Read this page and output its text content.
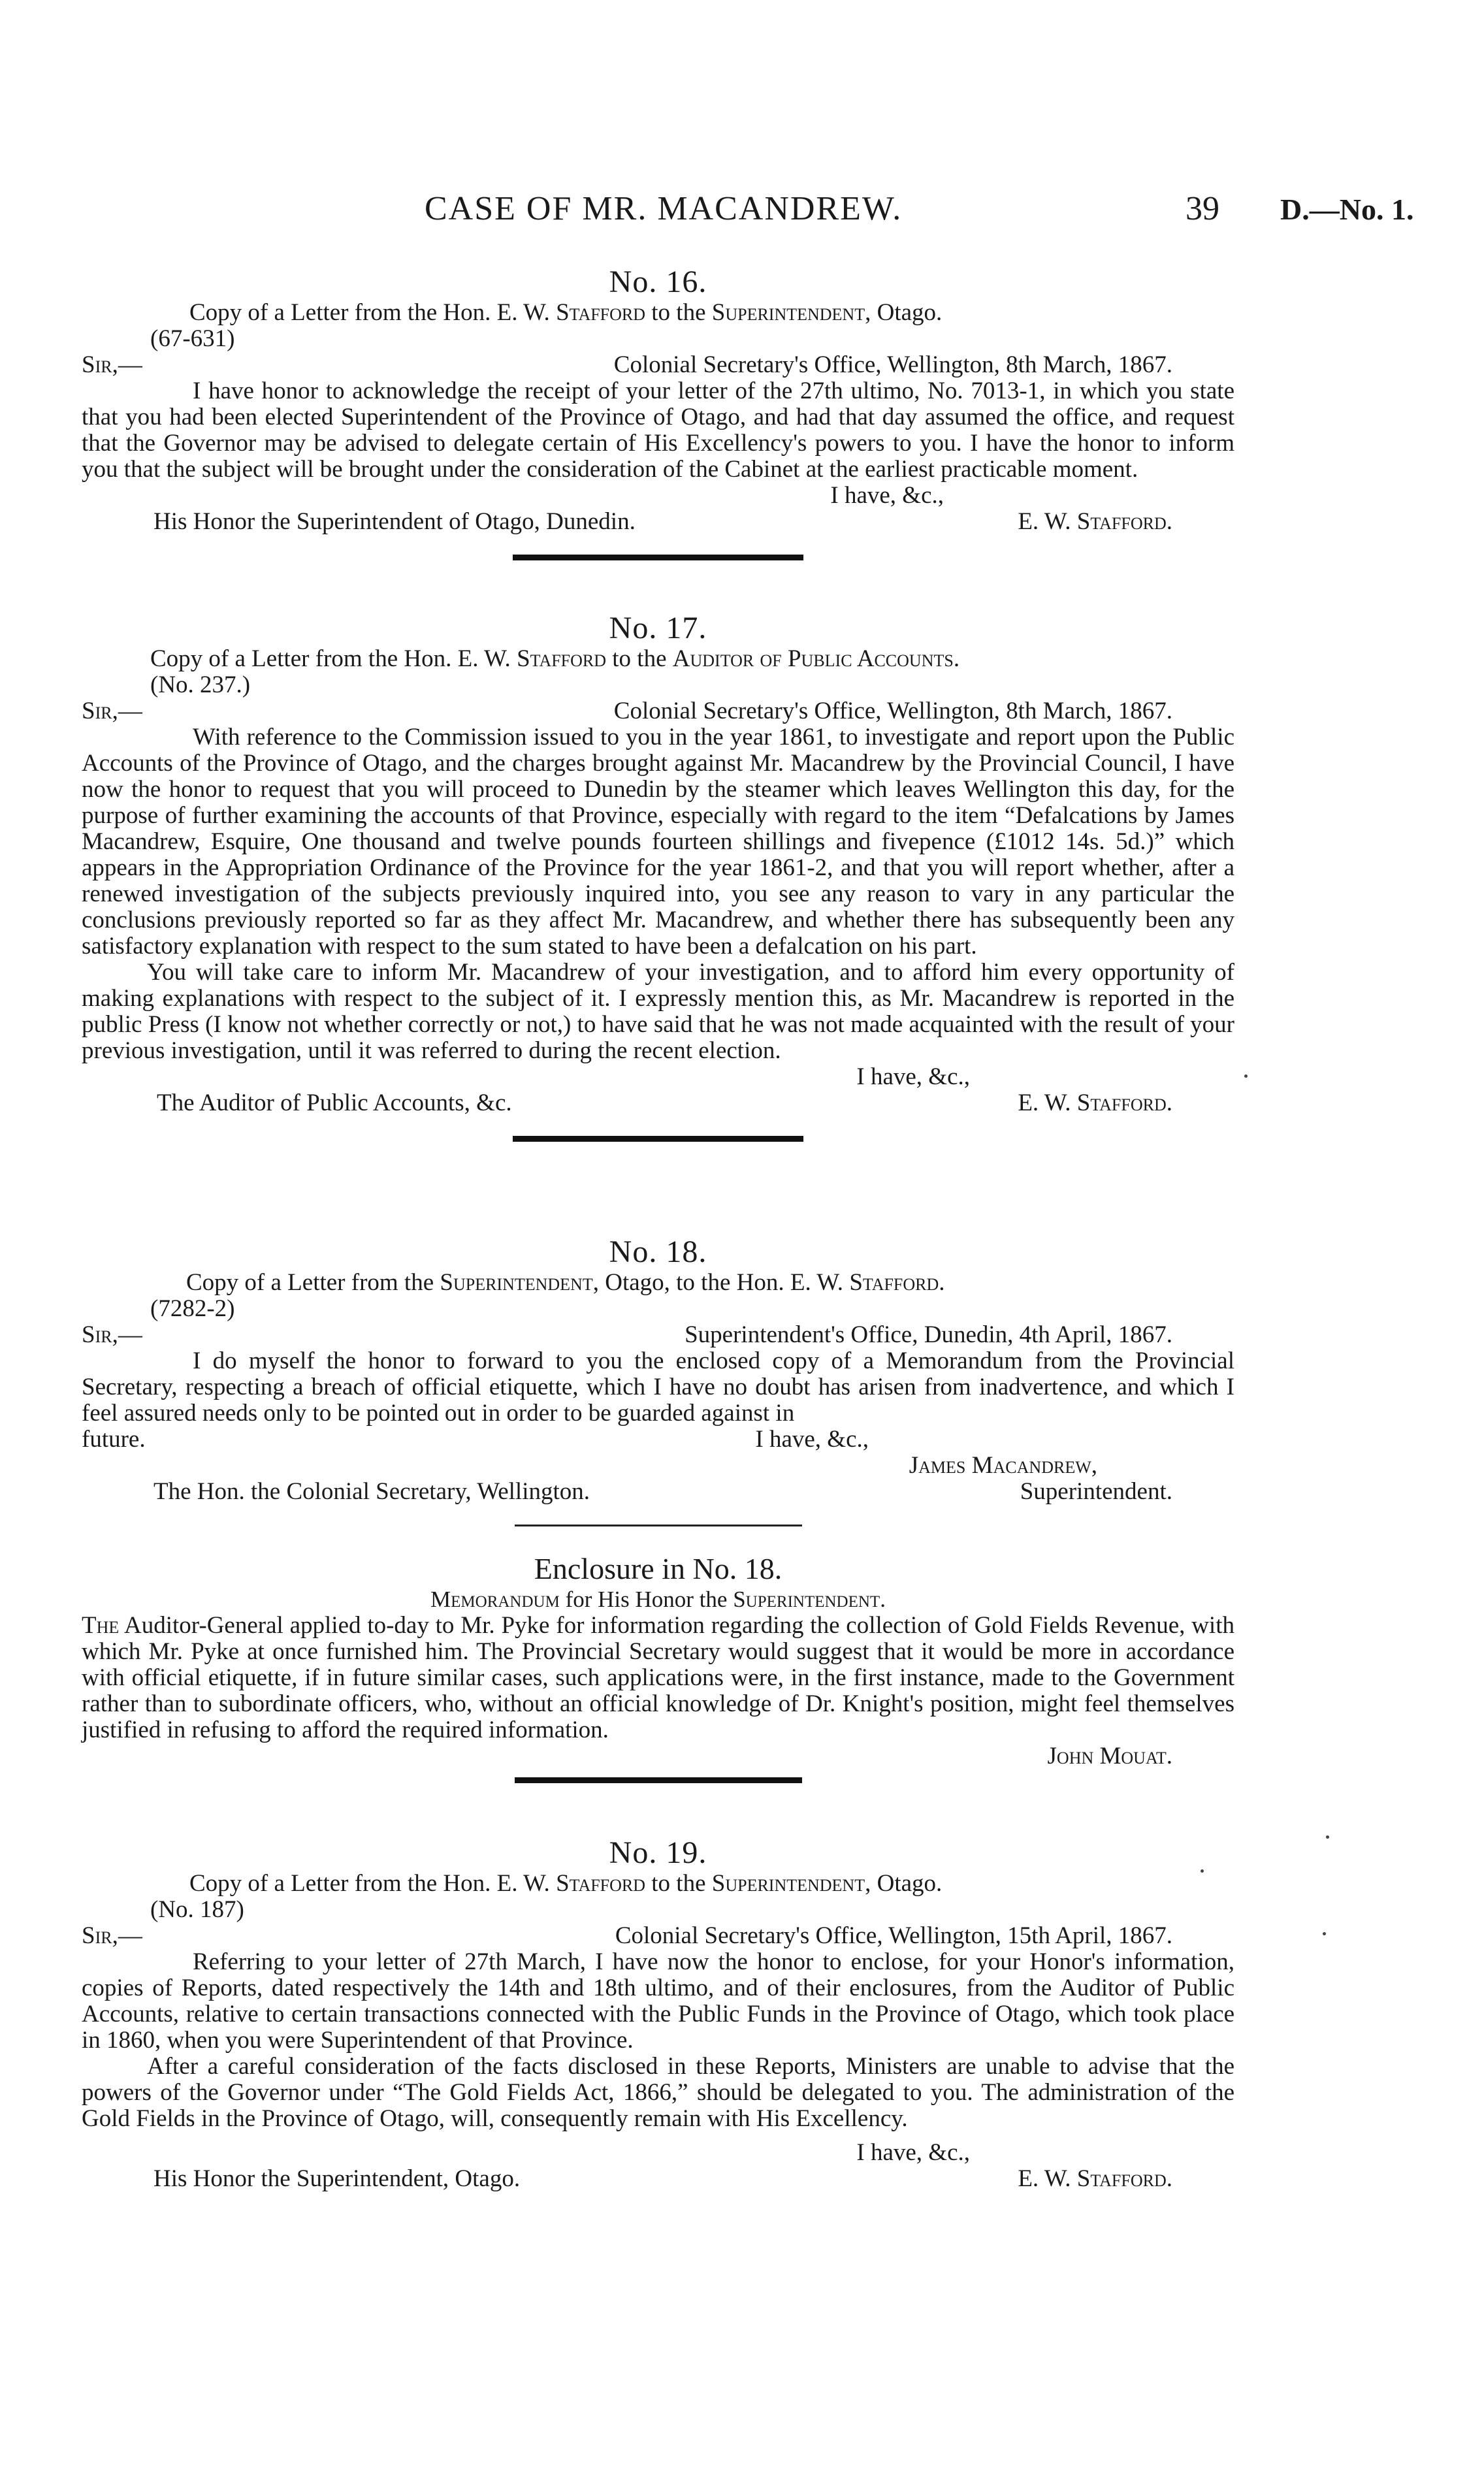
CASE OF MR. MACANDREW.	39 D.—No. 1.
No. 16.
Copy of a Letter from the Hon. E. W. Stafford to the Superintendent, Otago.
(67-631)
Sir,—	Colonial Secretary's Office, Wellington, 8th March, 1867.

I have honor to acknowledge the receipt of your letter of the 27th ultimo, No. 7013-1, in which you state that you had been elected Superintendent of the Province of Otago, and had that day assumed the office, and request that the Governor may be advised to delegate certain of His Excellency's powers to you. I have the honor to inform you that the subject will be brought under the consideration of the Cabinet at the earliest practicable moment.

I have, &c.,
His Honor the Superintendent of Otago, Dunedin.	E. W. Stafford.
No. 17.
Copy of a Letter from the Hon. E. W. Stafford to the Auditor of Public Accounts.
(No. 237.)
Sir,—	Colonial Secretary's Office, Wellington, 8th March, 1867.

With reference to the Commission issued to you in the year 1861, to investigate and report upon the Public Accounts of the Province of Otago, and the charges brought against Mr. Macandrew by the Provincial Council, I have now the honor to request that you will proceed to Dunedin by the steamer which leaves Wellington this day, for the purpose of further examining the accounts of that Province, especially with regard to the item “Defalcations by James Macandrew, Esquire, One thousand and twelve pounds fourteen shillings and fivepence (£1012 14s. 5d.)” which appears in the Appropriation Ordinance of the Province for the year 1861-2, and that you will report whether, after a renewed investigation of the subjects previously inquired into, you see any reason to vary in any particular the conclusions previously reported so far as they affect Mr. Macandrew, and whether there has subsequently been any satisfactory explanation with respect to the sum stated to have been a defalcation on his part.

You will take care to inform Mr. Macandrew of your investigation, and to afford him every opportunity of making explanations with respect to the subject of it. I expressly mention this, as Mr. Macandrew is reported in the public Press (I know not whether correctly or not,) to have said that he was not made acquainted with the result of your previous investigation, until it was referred to during the recent election.

I have, &c.,
The Auditor of Public Accounts, &c.	E. W. Stafford.
No. 18.
Copy of a Letter from the Superintendent, Otago, to the Hon. E. W. Stafford.
(7282-2)
Sir,—	Superintendent's Office, Dunedin, 4th April, 1867.

I do myself the honor to forward to you the enclosed copy of a Memorandum from the Provincial Secretary, respecting a breach of official etiquette, which I have no doubt has arisen from inadvertence, and which I feel assured needs only to be pointed out in order to be guarded against in

future.	I have, &c.,
James Macandrew,
The Hon. the Colonial Secretary, Wellington.	Superintendent.
Enclosure in No. 18.
Memorandum for His Honor the Superintendent.

The Auditor-General applied to-day to Mr. Pyke for information regarding the collection of Gold Fields Revenue, with which Mr. Pyke at once furnished him. The Provincial Secretary would suggest that it would be more in accordance with official etiquette, if in future similar cases, such applications were, in the first instance, made to the Government rather than to subordinate officers, who, without an official knowledge of Dr. Knight's position, might feel themselves justified in refusing to afford the required information.

John Mouat.
No. 19.
Copy of a Letter from the Hon. E. W. Stafford to the Superintendent, Otago.
(No. 187)
Sir,—	Colonial Secretary's Office, Wellington, 15th April, 1867.

Referring to your letter of 27th March, I have now the honor to enclose, for your Honor's information, copies of Reports, dated respectively the 14th and 18th ultimo, and of their enclosures, from the Auditor of Public Accounts, relative to certain transactions connected with the Public Funds in the Province of Otago, which took place in 1860, when you were Superintendent of that Province.

After a careful consideration of the facts disclosed in these Reports, Ministers are unable to advise that the powers of the Governor under “The Gold Fields Act, 1866,” should be delegated to you. The administration of the Gold Fields in the Province of Otago, will, consequently remain with His Excellency.

I have, &c.,
His Honor the Superintendent, Otago.	E. W. Stafford.
